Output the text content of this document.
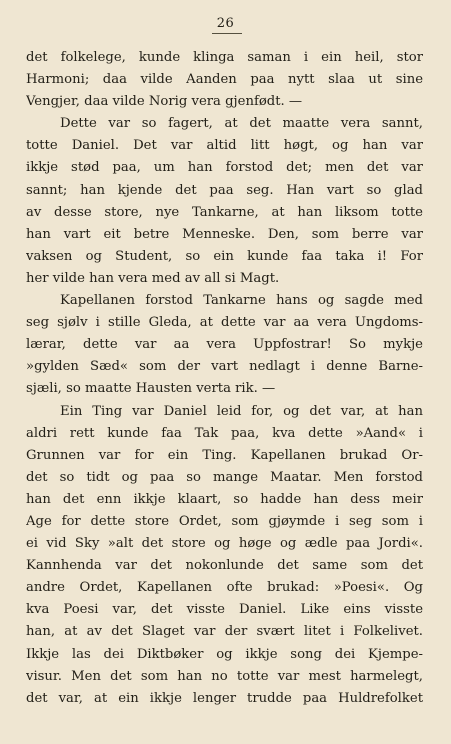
26
det folkelege, kunde klinga saman i ein heil, stor
Harmoni; daa vilde Aanden paa nytt slaa ut sine
Vengjer, daa vilde Norig vera gjenfødt. —
Dette var so fagert, at det maatte vera sannt,
totte Daniel. Det var altid litt høgt, og han var
ikkje stød paa, um han forstod det; men det var
sannt; han kjende det paa seg. Han vart so glad
av desse store, nye Tankarne, at han liksom totte
han vart eit betre Menneske. Den, som berre var
vaksen og Student, so ein kunde faa taka i! For
her vilde han vera med av all si Magt.
Kapellanen forstod Tankarne hans og sagde med
seg sjølv i stille Gleda, at dette var aa vera Ungdoms-
lærar, dette var aa vera Uppfostrar! So mykje
»gylden Sæd« som der vart nedlagt i denne Barne-
sjæli, so maatte Hausten verta rik. —
Ein Ting var Daniel leid for, og det var, at han
aldri rett kunde faa Tak paa, kva dette »Aand« i
Grunnen var for ein Ting. Kapellanen brukad Or-
det so tidt og paa so mange Maatar. Men forstod
han det enn ikkje klaart, so hadde han dess meir
Age for dette store Ordet, som gjøymde i seg som i
ei vid Sky »alt det store og høge og ædle paa Jordi«.
Kannhenda var det nokonlunde det same som det
andre Ordet, Kapellanen ofte brukad: »Poesi«. Og
kva Poesi var, det visste Daniel. Like eins visste
han, at av det Slaget var der svært litet i Folkelivet.
Ikkje las dei Diktbøker og ikkje song dei Kjempe-
visur. Men det som han no totte var mest harmelegt,
det var, at ein ikkje lenger trudde paa Huldrefolket
